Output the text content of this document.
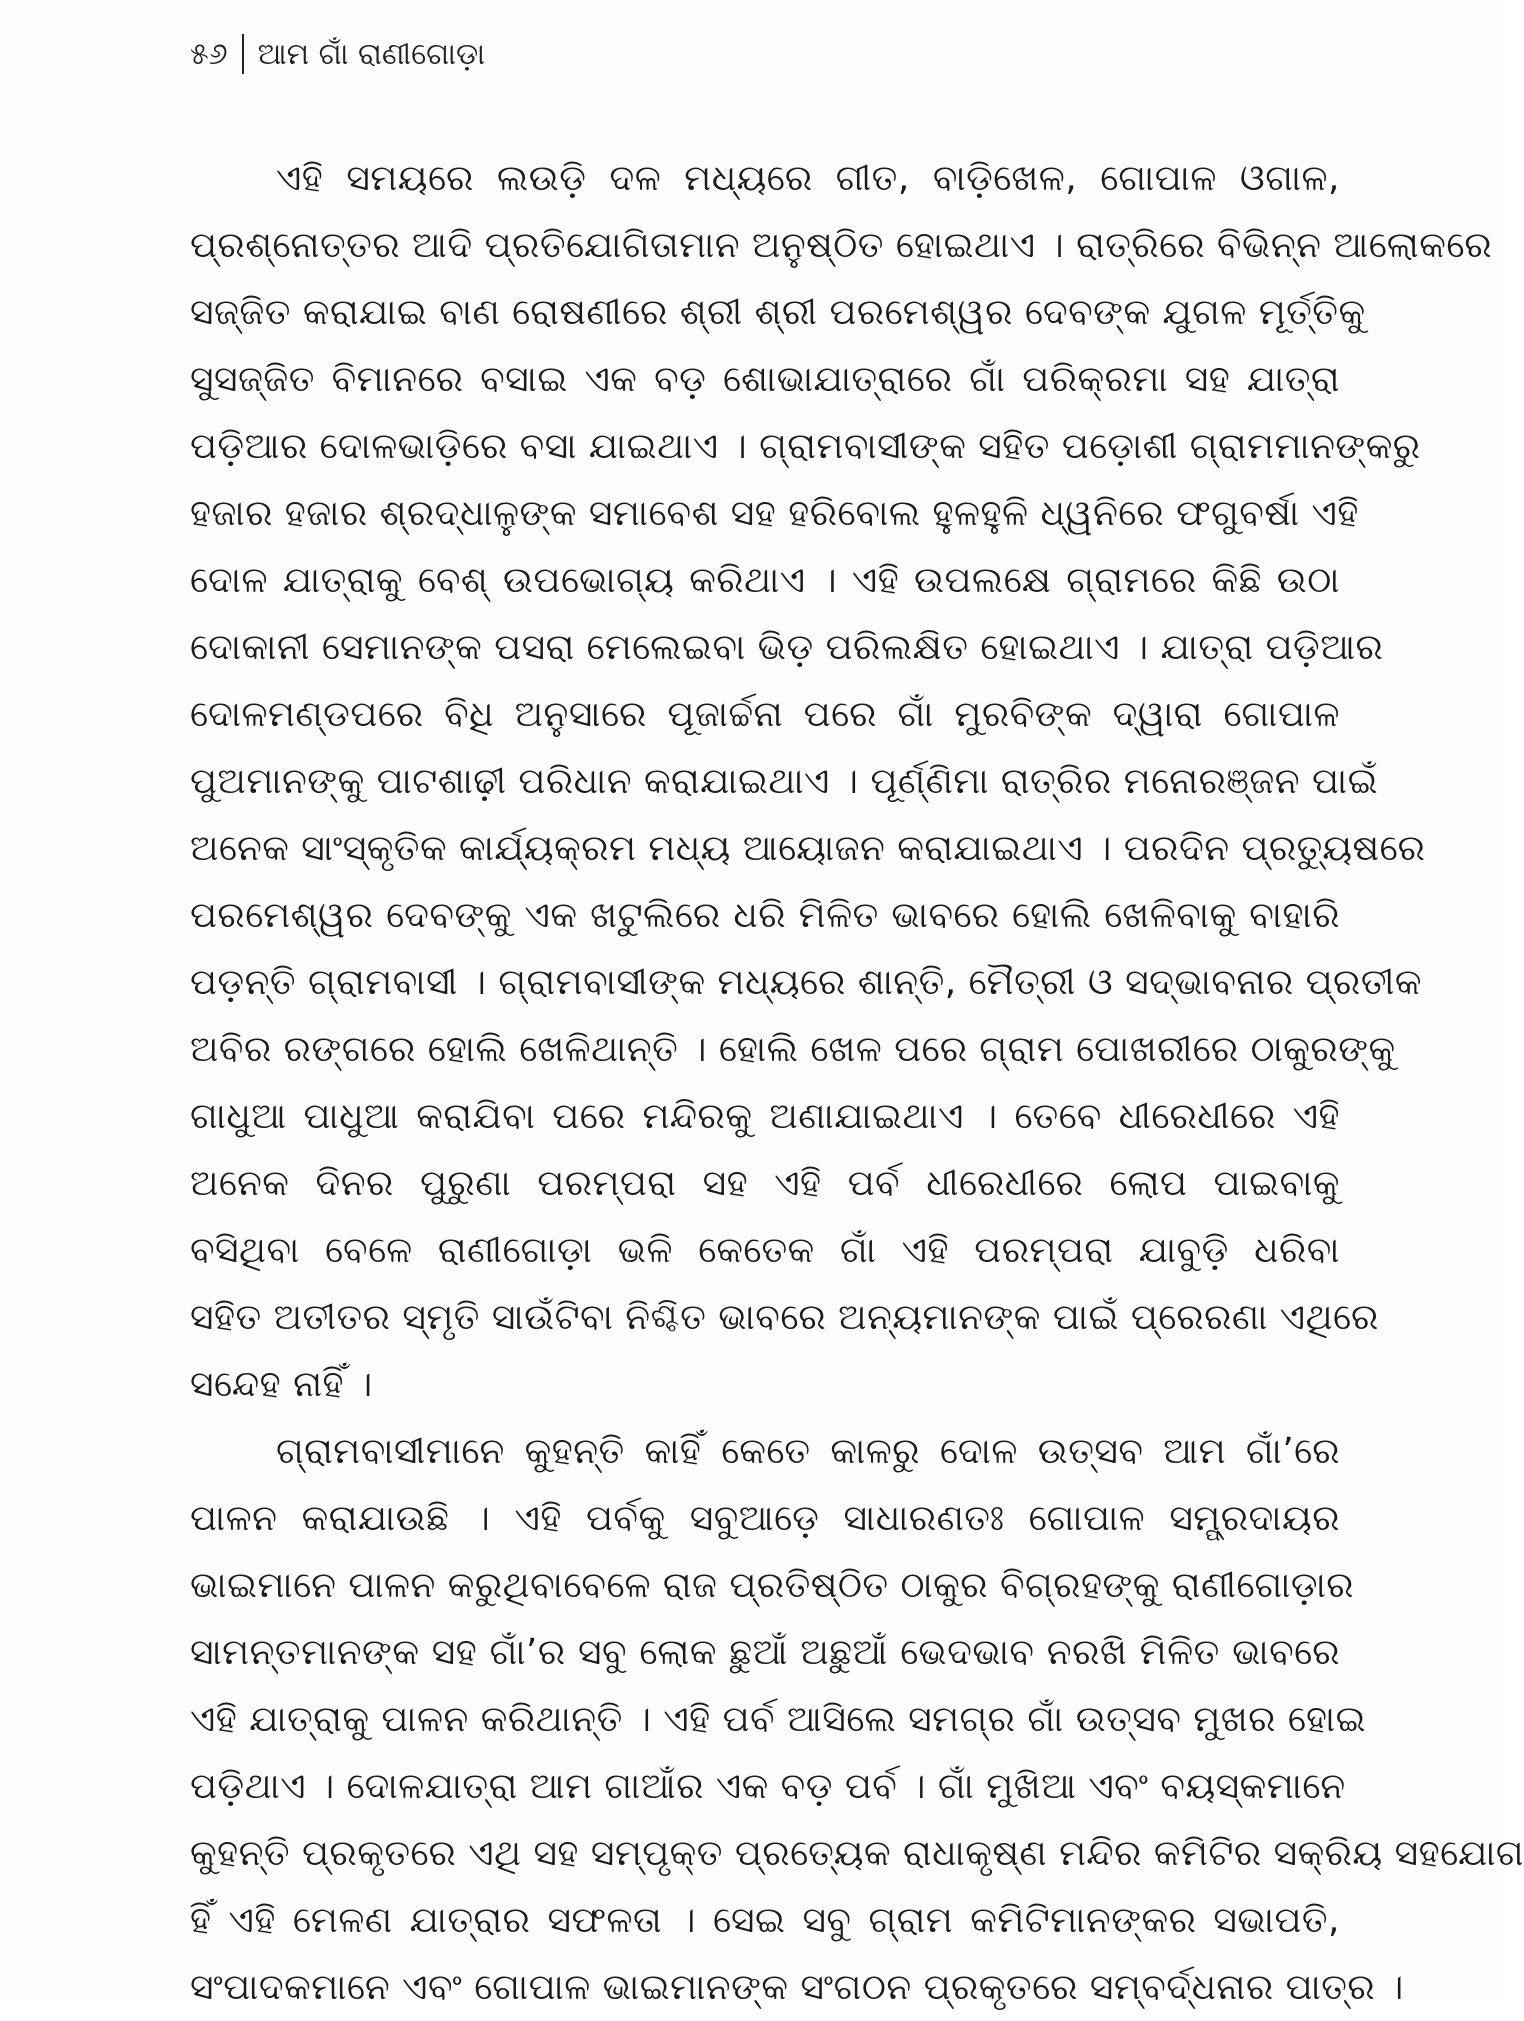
୫୬	ଆମ ଗାଁ ରାଣୀଗୋଡ଼ା
ଏହି ସମୟରେ ଲଉଡ଼ି ଦଳ ମଧ୍ୟରେ ଗୀତ, ବାଡ଼ିଖେଳ, ଗୋପାଳ ଓଗାଳ,
ପ୍ରଶ୍ନୋତ୍ତର ଆଦି ପ୍ରତିଯୋଗିତାମାନ ଅନୁଷ୍ଠିତ ହୋଇଥାଏ । ରାତ୍ରିରେ ବିଭିନ୍ନ ଆଲୋକରେ
ସଜ୍ଜିତ କରାଯାଇ ବାଣ ରୋଷଣୀରେ ଶ୍ରୀ ଶ୍ରୀ ପରମେଶ୍ୱର ଦେବଙ୍କ ଯୁଗଳ ମୂର୍ତ୍ତିକୁ
ସୁସଜ୍ଜିତ ବିମାନରେ ବସାଇ ଏକ ବଡ଼ ଶୋଭାଯାତ୍ରାରେ ଗାଁ ପରିକ୍ରମା ସହ ଯାତ୍ରା
ପଡ଼ିଆର ଦୋଳଭାଡ଼ିରେ ବସା ଯାଇଥାଏ । ଗ୍ରାମବାସୀଙ୍କ ସହିତ ପଡ଼ୋଶୀ ଗ୍ରାମମାନଙ୍କରୁ
ହଜାର ହଜାର ଶ୍ରଦ୍ଧାଳୁଙ୍କ ସମାବେଶ ସହ ହରିବୋଲ ହୁଳହୁଳି ଧ୍ୱନିରେ ଫଗୁବର୍ଷା ଏହି
ଦୋଳ ଯାତ୍ରାକୁ ବେଶ୍ ଉପଭୋଗ୍ୟ କରିଥାଏ । ଏହି ଉପଲକ୍ଷେ ଗ୍ରାମରେ କିଛି ଉଠା
ଦୋକାନୀ ସେମାନଙ୍କ ପସରା ମେଲେଇବା ଭିଡ଼ ପରିଲକ୍ଷିତ ହୋଇଥାଏ । ଯାତ୍ରା ପଡ଼ିଆର
ଦୋଳମଣ୍ଡପରେ ବିଧି ଅନୁସାରେ ପୂଜାର୍ଚ୍ଚନା ପରେ ଗାଁ ମୁରବିଙ୍କ ଦ୍ୱାରା ଗୋପାଳ
ପୁଅମାନଙ୍କୁ ପାଟଶାଢ଼ୀ ପରିଧାନ କରାଯାଇଥାଏ । ପୂର୍ଣ୍ଣିମା ରାତ୍ରିର ମନୋରଞ୍ଜନ ପାଇଁ
ଅନେକ ସାଂସ୍କୃତିକ କାର୍ଯ୍ୟକ୍ରମ ମଧ୍ୟ ଆୟୋଜନ କରାଯାଇଥାଏ । ପରଦିନ ପ୍ରତ୍ୟୁଷରେ
ପରମେଶ୍ୱର ଦେବଙ୍କୁ ଏକ ଖଟୁଲିରେ ଧରି ମିଳିତ ଭାବରେ ହୋଲି ଖେଳିବାକୁ ବାହାରି
ପଡ଼ନ୍ତି ଗ୍ରାମବାସୀ । ଗ୍ରାମବାସୀଙ୍କ ମଧ୍ୟରେ ଶାନ୍ତି, ମୈତ୍ରୀ ଓ ସଦ୍‌ଭାବନାର ପ୍ରତୀକ
ଅବିର ରଙ୍ଗରେ ହୋଲି ଖେଳିଥାନ୍ତି । ହୋଲି ଖେଳ ପରେ ଗ୍ରାମ ପୋଖରୀରେ ଠାକୁରଙ୍କୁ
ଗାଧୁଆ ପାଧୁଆ କରାଯିବା ପରେ ମନ୍ଦିରକୁ ଅଣାଯାଇଥାଏ । ତେବେ ଧୀରେଧୀରେ ଏହି
ଅନେକ ଦିନର ପୁରୁଣା ପରମ୍ପରା ସହ ଏହି ପର୍ବ ଧୀରେଧୀରେ ଲୋପ ପାଇବାକୁ
ବସିଥିବା ବେଳେ ରାଣୀଗୋଡ଼ା ଭଳି କେତେକ ଗାଁ ଏହି ପରମ୍ପରା ଯାବୁଡ଼ି ଧରିବା
ସହିତ ଅତୀତର ସ୍ମୃତି ସାଉଁଟିବା ନିଶ୍ଚିତ ଭାବରେ ଅନ୍ୟମାନଙ୍କ ପାଇଁ ପ୍ରେରଣା ଏଥିରେ
ସନ୍ଦେହ ନାହିଁ ।
ଗ୍ରାମବାସୀମାନେ କୁହନ୍ତି କାହିଁ କେତେ କାଳରୁ ଦୋଳ ଉତ୍ସବ ଆମ ଗାଁ’ରେ
ପାଳନ କରାଯାଉଛି । ଏହି ପର୍ବକୁ ସବୁଆଡ଼େ ସାଧାରଣତଃ ଗୋପାଳ ସମ୍ପ୍ରଦାୟର
ଭାଇମାନେ ପାଳନ କରୁଥିବାବେଳେ ରାଜ ପ୍ରତିଷ୍ଠିତ ଠାକୁର ବିଗ୍ରହଙ୍କୁ ରାଣୀଗୋଡ଼ାର
ସାମନ୍ତମାନଙ୍କ ସହ ଗାଁ’ର ସବୁ ଲୋକ ଛୁଆଁ ଅଛୁଆଁ ଭେଦଭାବ ନରଖି ମିଳିତ ଭାବରେ
ଏହି ଯାତ୍ରାକୁ ପାଳନ କରିଥାନ୍ତି । ଏହି ପର୍ବ ଆସିଲେ ସମଗ୍ର ଗାଁ ଉତ୍ସବ ମୁଖର ହୋଇ
ପଡ଼ିଥାଏ । ଦୋଳଯାତ୍ରା ଆମ ଗାଆଁର ଏକ ବଡ଼ ପର୍ବ । ଗାଁ ମୁଖିଆ ଏବଂ ବୟସ୍କମାନେ
କୁହନ୍ତି ପ୍ରକୃତରେ ଏଥି ସହ ସମ୍ପୃକ୍ତ ପ୍ରତ୍ୟେକ ରାଧାକୃଷ୍ଣ ମନ୍ଦିର କମିଟିର ସକ୍ରିୟ ସହଯୋଗ
ହିଁ ଏହି ମେଳଣ ଯାତ୍ରାର ସଫଳତା । ସେଇ ସବୁ ଗ୍ରାମ କମିଟିମାନଙ୍କର ସଭାପତି,
ସଂପାଦକମାନେ ଏବଂ ଗୋପାଳ ଭାଇମାନଙ୍କ ସଂଗଠନ ପ୍ରକୃତରେ ସମ୍ବର୍ଦ୍ଧନାର ପାତ୍ର ।
